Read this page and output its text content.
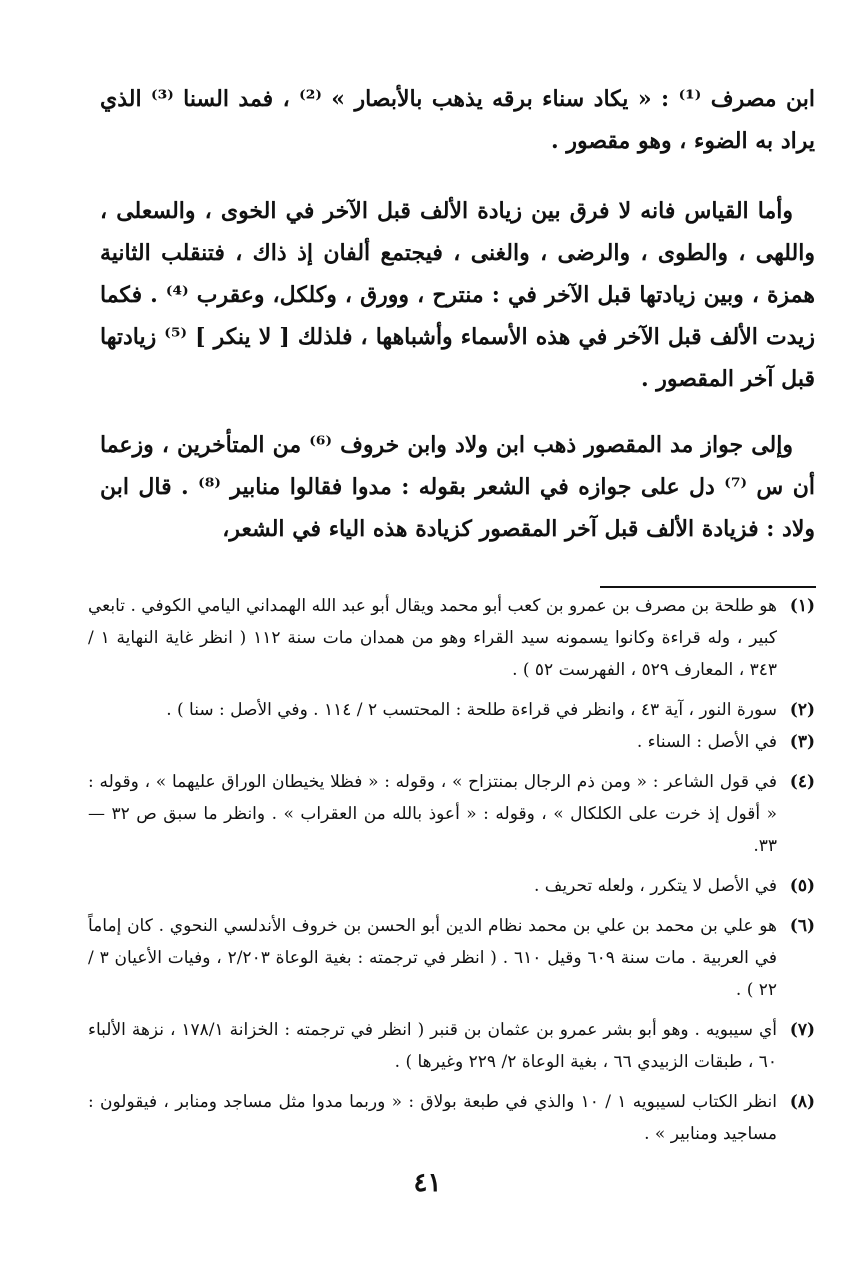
ابن مصرف ⁽¹⁾ : « يكاد سناء برقه يذهب بالأبصار » ⁽²⁾ ، فمد السنا ⁽³⁾ الذي يراد به الضوء ، وهو مقصور .

وأما القياس فانه لا فرق بين زيادة الألف قبل الآخر في الخوى ، والسعلى ، واللهى ، والطوى ، والرضى ، والغنى ، فيجتمع ألفان إذ ذاك ، فتنقلب الثانية همزة ، وبين زيادتها قبل الآخر في : منترح ، وورق ، وكلكل، وعقرب ⁽⁴⁾ . فكما زيدت الألف قبل الآخر في هذه الأسماء وأشباهها ، فلذلك [ لا ينكر ] ⁽⁵⁾ زيادتها قبل آخر المقصور .

وإلى جواز مد المقصور ذهب ابن ولاد وابن خروف ⁽⁶⁾ من المتأخرين ، وزعما أن س ⁽⁷⁾ دل على جوازه في الشعر بقوله : مدوا فقالوا منابير ⁽⁸⁾ . قال ابن ولاد : فزيادة الألف قبل آخر المقصور كزيادة هذه الياء في الشعر،

(١)
هو طلحة بن مصرف بن عمرو بن كعب أبو محمد ويقال أبو عبد الله الهمداني اليامي الكوفي . تابعي كبير ، وله قراءة وكانوا يسمونه سيد القراء وهو من همدان مات سنة ١١٢ ( انظر غاية النهاية ١ / ٣٤٣ ، المعارف ٥٢٩ ، الفهرست ٥٢ ) .
(٢)
سورة النور ، آية ٤٣ ، وانظر في قراءة طلحة : المحتسب ٢ / ١١٤ . وفي الأصل : سنا ) .
(٣)
في الأصل : السناء .
(٤)
في قول الشاعر : « ومن ذم الرجال بمنتزاح » ، وقوله : « فظلا يخيطان الوراق عليهما » ، وقوله : « أقول إذ خرت على الكلكال » ، وقوله : « أعوذ بالله من العقراب » . وانظر ما سبق ص ٣٢ — ٣٣.
(٥)
في الأصل لا يتكرر ، ولعله تحريف .
(٦)
هو علي بن محمد بن علي بن محمد نظام الدين أبو الحسن بن خروف الأندلسي النحوي . كان إماماً في العربية . مات سنة ٦٠٩ وقيل ٦١٠ . ( انظر في ترجمته : بغية الوعاة ٢/٢٠٣ ، وفيات الأعيان ٣ / ٢٢ ) .
(٧)
أي سيبويه . وهو أبو بشر عمرو بن عثمان بن قنبر ( انظر في ترجمته : الخزانة ١٧٨/١ ، نزهة الألباء ٦٠ ، طبقات الزبيدي ٦٦ ، بغية الوعاة ٢/ ٢٢٩ وغيرها ) .
(٨)
انظر الكتاب لسيبويه ١ / ١٠ والذي في طبعة بولاق : « وربما مدوا مثل مساجد ومنابر ، فيقولون : مساجيد ومنابير » .
٤١
